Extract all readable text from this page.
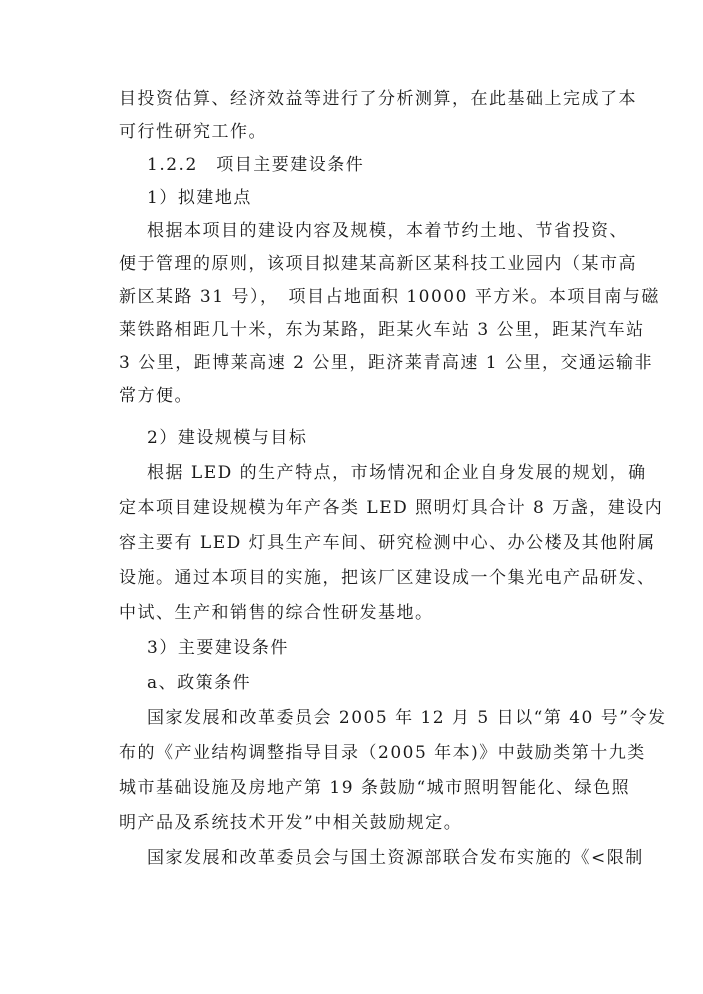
目投资估算、经济效益等进行了分析测算，在此基础上完成了本
可行性研究工作。
1.2.2　项目主要建设条件
1）拟建地点
根据本项目的建设内容及规模，本着节约土地、节省投资、
便于管理的原则，该项目拟建某高新区某科技工业园内（某市高
新区某路 31 号），　项目占地面积 10000 平方米。本项目南与磁
莱铁路相距几十米，东为某路，距某火车站 3 公里，距某汽车站
3 公里，距博莱高速 2 公里，距济莱青高速 1 公里，交通运输非
常方便。
2）建设规模与目标
根据 LED 的生产特点，市场情况和企业自身发展的规划，确
定本项目建设规模为年产各类 LED 照明灯具合计 8 万盏，建设内
容主要有 LED 灯具生产车间、研究检测中心、办公楼及其他附属
设施。通过本项目的实施，把该厂区建设成一个集光电产品研发、
中试、生产和销售的综合性研发基地。
3）主要建设条件
a、政策条件
国家发展和改革委员会 2005 年 12 月 5 日以“第 40 号”令发
布的《产业结构调整指导目录（2005 年本)》中鼓励类第十九类
城市基础设施及房地产第 19 条鼓励“城市照明智能化、绿色照
明产品及系统技术开发”中相关鼓励规定。
国家发展和改革委员会与国土资源部联合发布实施的《<限制
